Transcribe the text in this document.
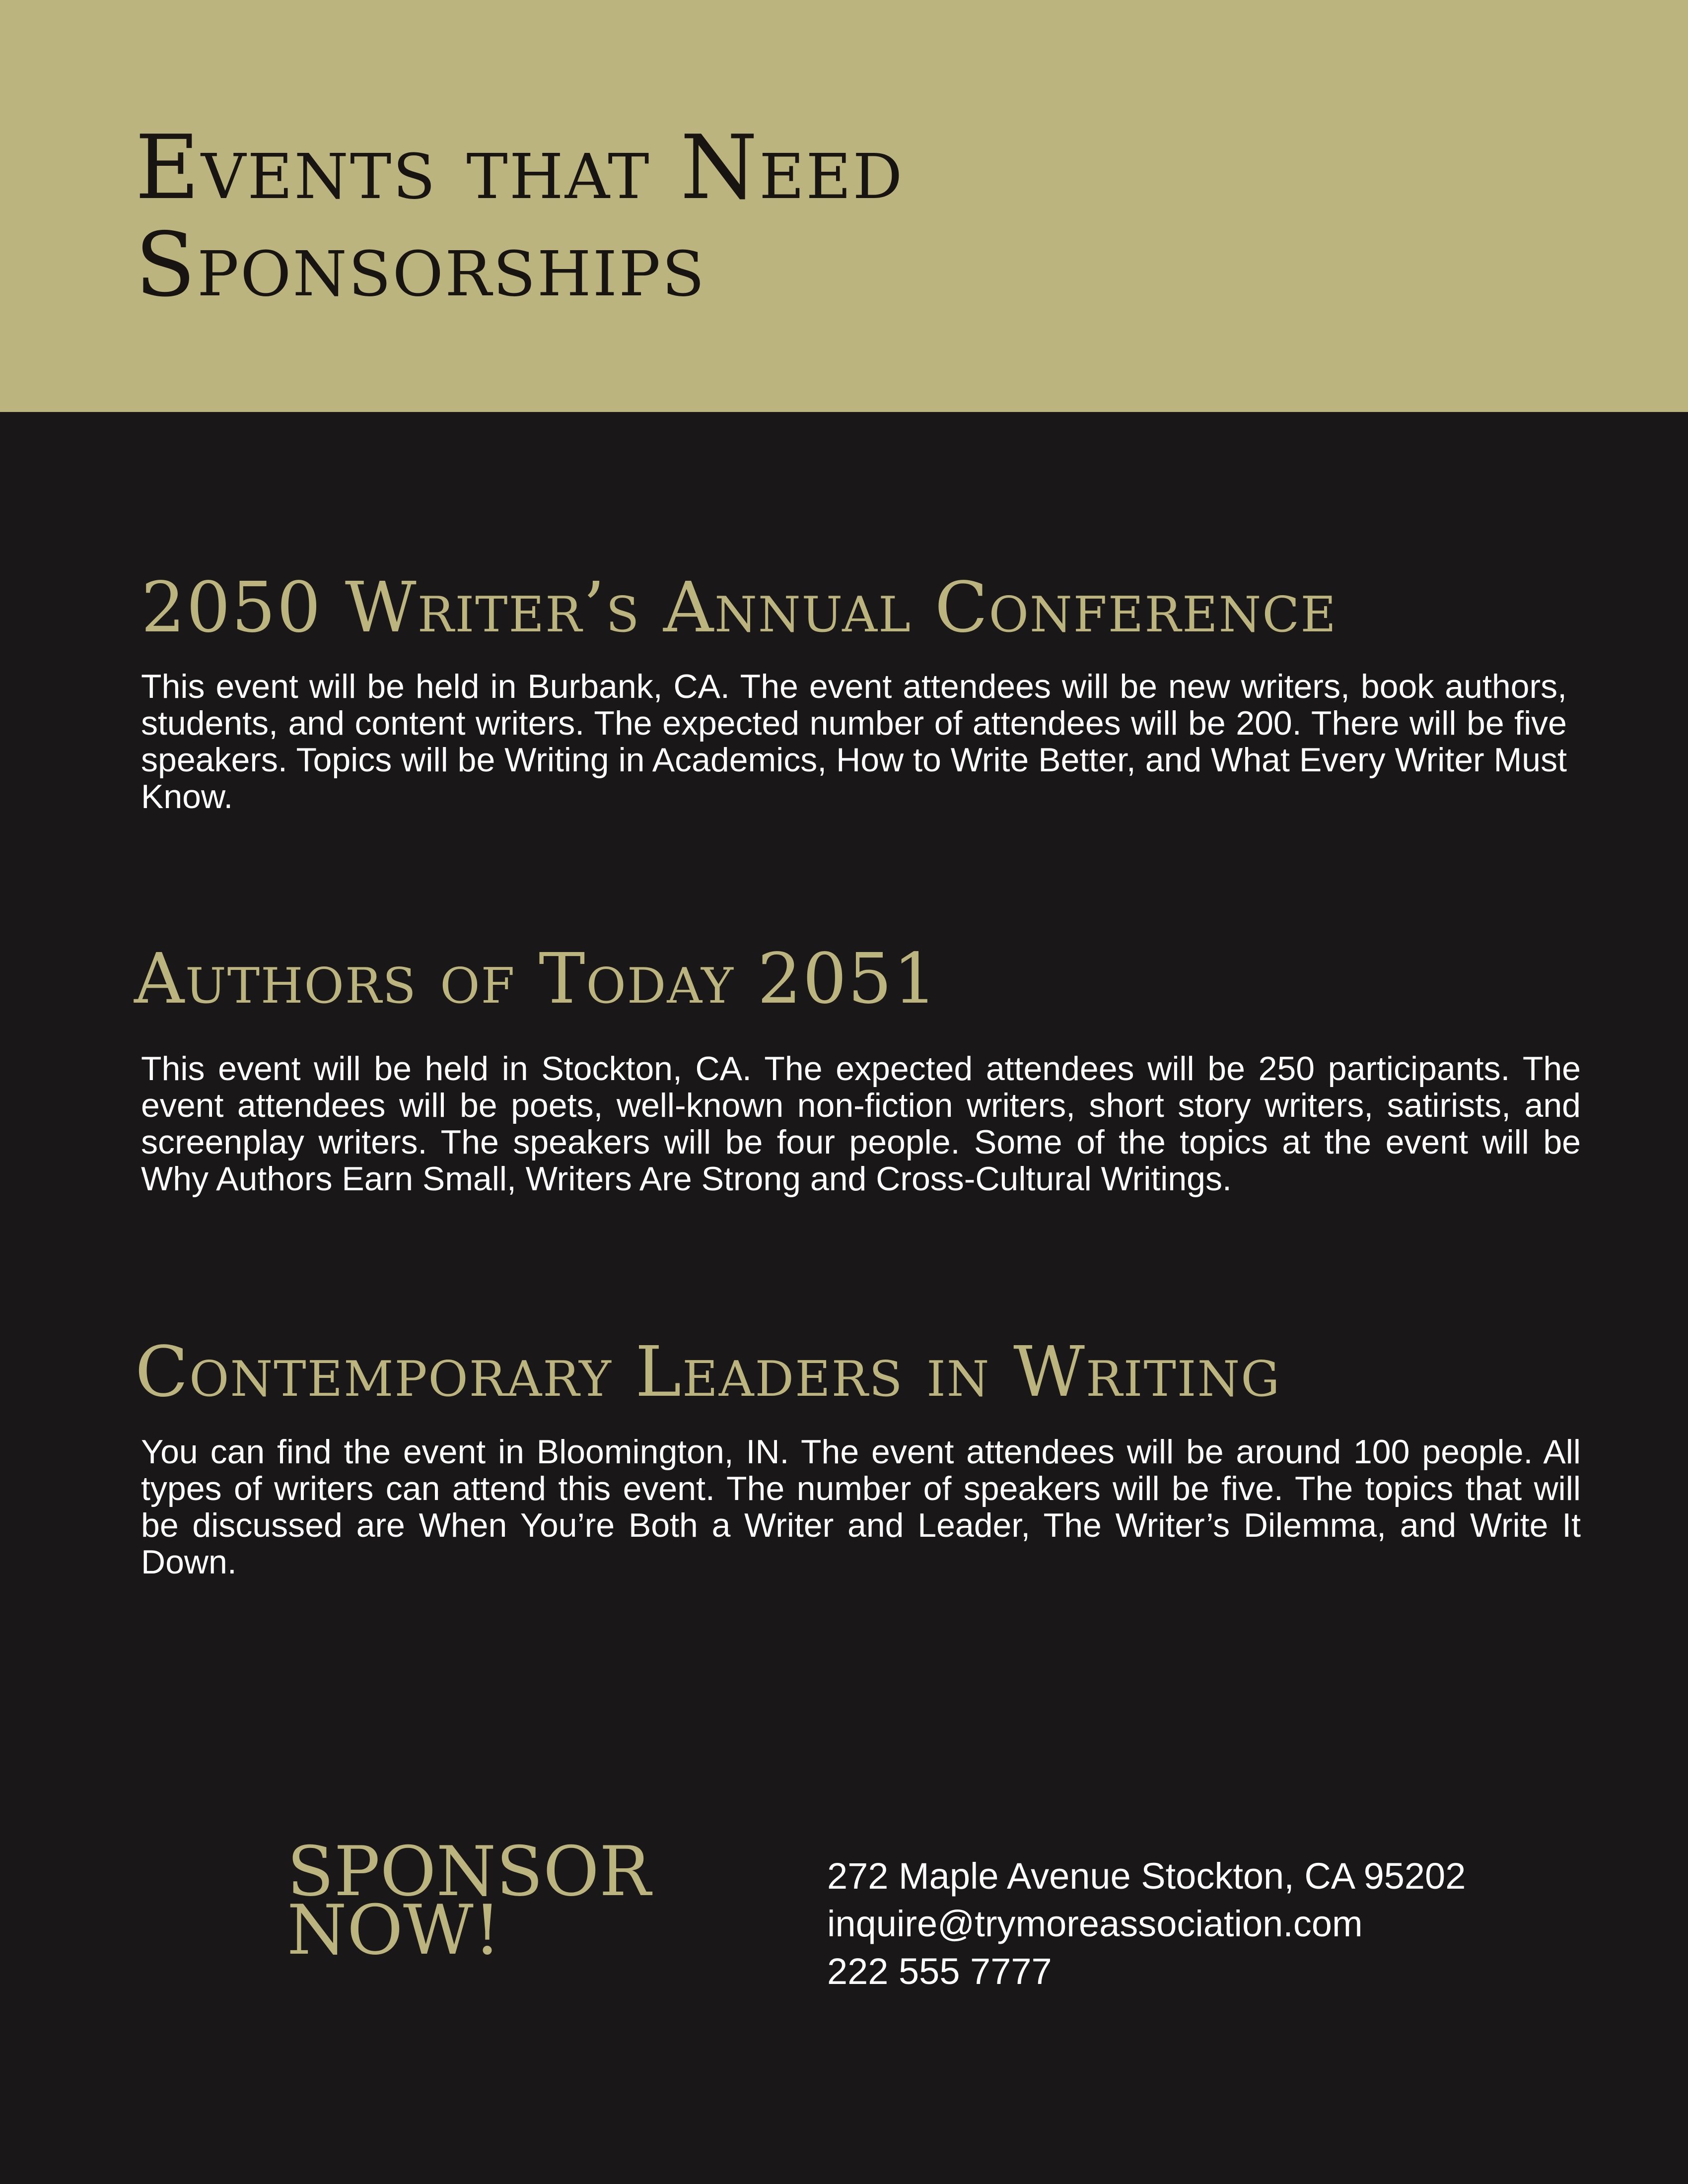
Events that Need
Sponsorships
2050 Writer’s Annual Conference

This event will be held in Burbank, CA. The event attendees will be new writers, book authors, students, and content writers. The expected number of attendees will be 200. There will be five speakers. Topics will be Writing in Academics, How to Write Better, and What Every Writer Must Know.

Authors of Today 2051

This event will be held in Stockton, CA. The expected attendees will be 250 participants. The event attendees will be poets, well-known non-fiction writers, short story writers, satirists, and screenplay writers. The speakers will be four people. Some of the topics at the event will be Why Authors Earn Small, Writers Are Strong and Cross-Cultural Writings.

Contemporary Leaders in Writing

You can find the event in Bloomington, IN. The event attendees will be around 100 people. All types of writers can attend this event. The number of speakers will be five. The topics that will be discussed are When You’re Both a Writer and Leader, The Writer’s Dilemma, and Write It Down.

SPONSOR
NOW!
272 Maple Avenue Stockton, CA 95202
inquire@trymoreassociation.com
222 555 7777
